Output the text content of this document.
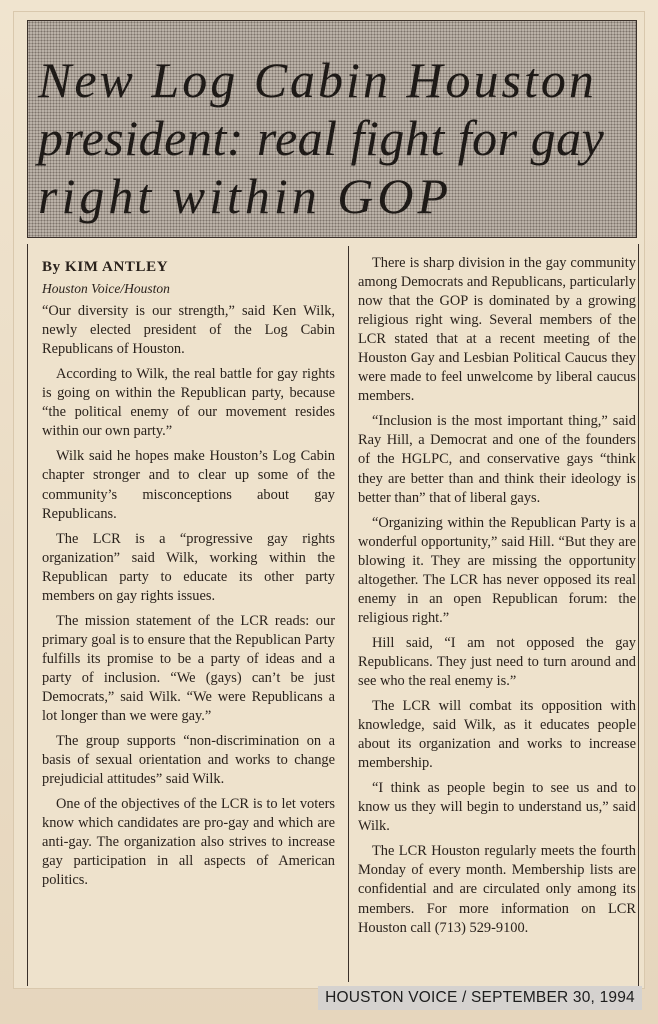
New Log Cabin Houston
president: real fight for gay
right within GOP
By KIM ANTLEY
Houston Voice/Houston

“Our diversity is our strength,” said Ken Wilk, newly elected president of the Log Cabin Republicans of Houston.

According to Wilk, the real battle for gay rights is going on within the Republican party, because “the political enemy of our movement resides within our own party.”

Wilk said he hopes make Houston’s Log Cabin chapter stronger and to clear up some of the community’s misconceptions about gay Republicans.

The LCR is a “progressive gay rights organization” said Wilk, working within the Republican party to educate its other party members on gay rights issues.

The mission statement of the LCR reads: our primary goal is to ensure that the Republican Party fulfills its promise to be a party of ideas and a party of inclusion. “We (gays) can’t be just Democrats,” said Wilk. “We were Republicans a lot longer than we were gay.”

The group supports “non-discrimination on a basis of sexual orientation and works to change prejudicial attitudes” said Wilk.

One of the objectives of the LCR is to let voters know which candidates are pro-gay and which are anti-gay. The organization also strives to increase gay participation in all aspects of American politics.

There is sharp division in the gay community among Democrats and Republicans, particularly now that the GOP is dominated by a growing religious right wing. Several members of the LCR stated that at a recent meeting of the Houston Gay and Lesbian Political Caucus they were made to feel unwelcome by liberal caucus members.

“Inclusion is the most important thing,” said Ray Hill, a Democrat and one of the founders of the HGLPC, and conservative gays “think they are better than and think their ideology is better than” that of liberal gays.

“Organizing within the Republican Party is a wonderful opportunity,” said Hill. “But they are blowing it. They are missing the opportunity altogether. The LCR has never opposed its real enemy in an open Republican forum: the religious right.”

Hill said, “I am not opposed the gay Republicans. They just need to turn around and see who the real enemy is.”

The LCR will combat its opposition with knowledge, said Wilk, as it educates people about its organization and works to increase membership.

“I think as people begin to see us and to know us they will begin to understand us,” said Wilk.

The LCR Houston regularly meets the fourth Monday of every month. Membership lists are confidential and are circulated only among its members. For more information on LCR Houston call (713) 529-9100.

HOUSTON VOICE / SEPTEMBER 30, 1994
